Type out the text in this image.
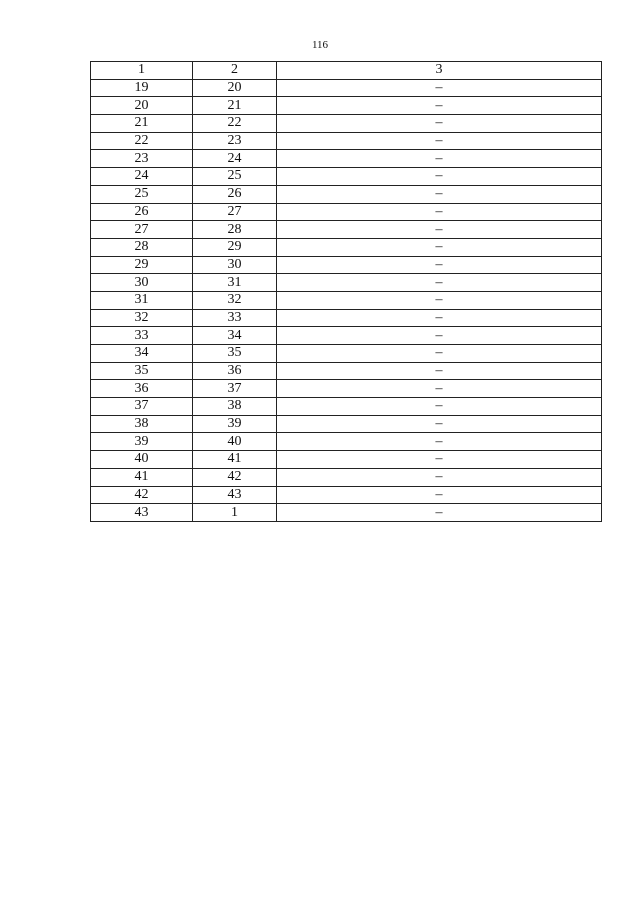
116
1	2	3
19	20	–
20	21	–
21	22	–
22	23	–
23	24	–
24	25	–
25	26	–
26	27	–
27	28	–
28	29	–
29	30	–
30	31	–
31	32	–
32	33	–
33	34	–
34	35	–
35	36	–
36	37	–
37	38	–
38	39	–
39	40	–
40	41	–
41	42	–
42	43	–
43	1	–
